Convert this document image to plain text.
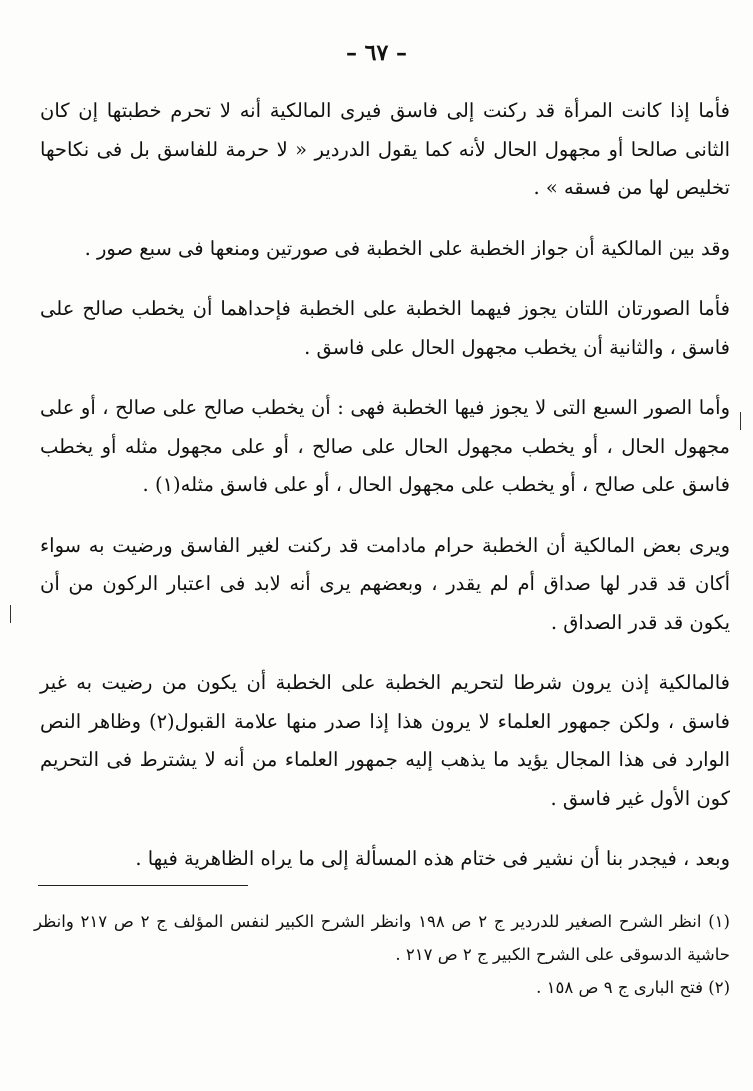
– ٦٧ –

فأما إذا كانت المرأة قد ركنت إلى فاسق فيرى المالكية أنه لا تحرم خطبتها إن كان الثانى صالحا أو مجهول الحال لأنه كما يقول الدردير « لا حرمة للفاسق بل فى نكاحها تخليص لها من فسقه » .

وقد بين المالكية أن جواز الخطبة على الخطبة فى صورتين ومنعها فى سبع صور .

فأما الصورتان اللتان يجوز فيهما الخطبة على الخطبة فإحداهما أن يخطب صالح على فاسق ، والثانية أن يخطب مجهول الحال على فاسق .

وأما الصور السبع التى لا يجوز فيها الخطبة فهى : أن يخطب صالح على صالح ، أو على مجهول الحال ، أو يخطب مجهول الحال على صالح ، أو على مجهول مثله أو يخطب فاسق على صالح ، أو يخطب على مجهول الحال ، أو على فاسق مثله(١) .

ويرى بعض المالكية أن الخطبة حرام مادامت قد ركنت لغير الفاسق ورضيت به سواء أكان قد قدر لها صداق أم لم يقدر ، وبعضهم يرى أنه لابد فى اعتبار الركون من أن يكون قد قدر الصداق .

فالمالكية إذن يرون شرطا لتحريم الخطبة على الخطبة أن يكون من رضيت به غير فاسق ، ولكن جمهور العلماء لا يرون هذا إذا صدر منها علامة القبول(٢) وظاهر النص الوارد فى هذا المجال يؤيد ما يذهب إليه جمهور العلماء من أنه لا يشترط فى التحريم كون الأول غير فاسق .

وبعد ، فيجدر بنا أن نشير فى ختام هذه المسألة إلى ما يراه الظاهرية فيها .

(١) انظر الشرح الصغير للدردير ج ٢ ص ١٩٨ وانظر الشرح الكبير لنفس المؤلف ج ٢ ص ٢١٧ وانظر حاشية الدسوقى على الشرح الكبير ج ٢ ص ٢١٧ .

(٢) فتح البارى ج ٩ ص ١٥٨ .
